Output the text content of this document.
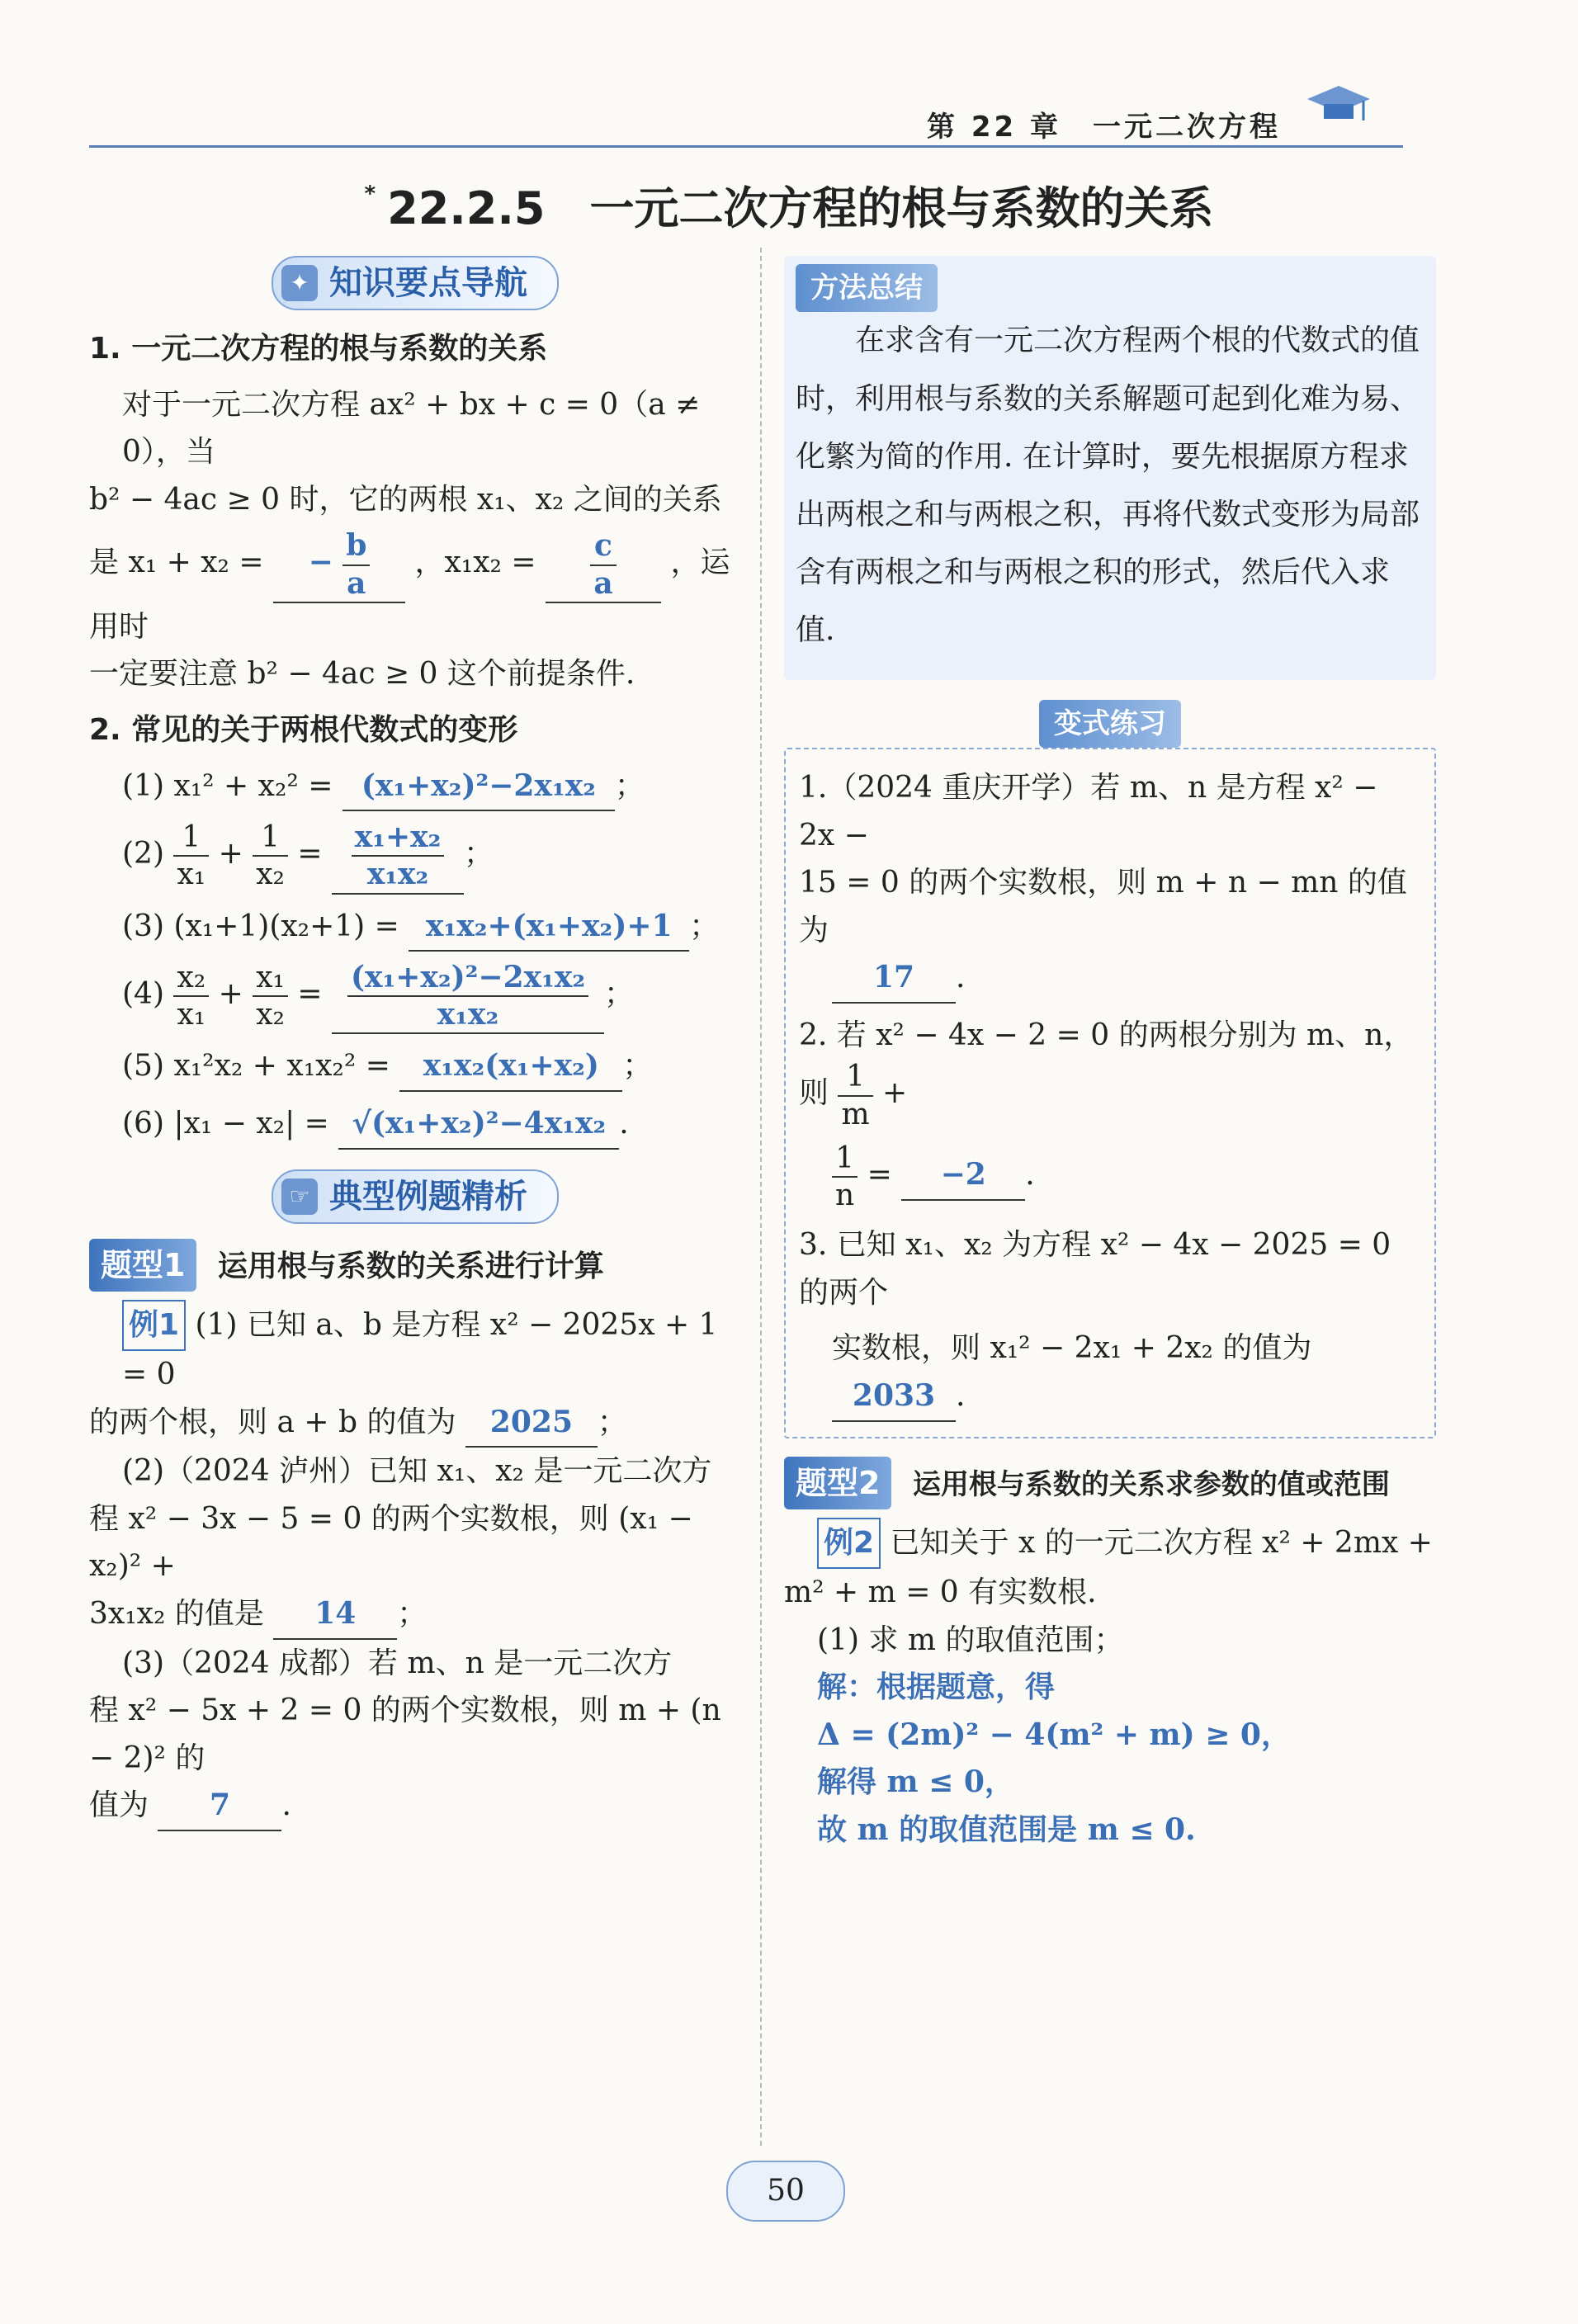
第 22 章　一元二次方程
* 22.2.5　一元二次方程的根与系数的关系
✦ 知识要点导航
1. 一元二次方程的根与系数的关系
对于一元二次方程 ax² + bx + c = 0（a ≠ 0），当
b² − 4ac ≥ 0 时，它的两根 x₁、x₂ 之间的关系
是 x₁ + x₂ = − $\frac{b}{a}$ ，$x_1x_2 = \frac{c}{a}$ ，运用时
一定要注意 b² − 4ac ≥ 0 这个前提条件.
2. 常见的关于两根代数式的变形
(1) x₁² + x₂² = (x₁+x₂)²−2x₁x₂ ；
$(2) \frac{1}{\text{x₁}} + \frac{1}{\text{x₂}} = \frac{\text{x₁+x₂}}{\text{x₁x₂}}$ ；
(3) (x₁+1)(x₂+1) = x₁x₂+(x₁+x₂)+1 ；
$(4) \frac{\text{x₂}}{\text{x₁}} + \frac{\text{x₁}}{\text{x₂}} = \frac{\text{(x₁+x₂)²−2x₁x₂}}{\text{x₁x₂}}$ ；
(5) x₁²x₂ + x₁x₂² = x₁x₂(x₁+x₂) ；
(6) |x₁ − x₂| = √(x₁+x₂)²−4x₁x₂ .
☞ 典型例题精析
题型1 运用根与系数的关系进行计算
例1 (1) 已知 a、b 是方程 x² − 2025x + 1 = 0
的两个根，则 a + b 的值为 2025 ；
(2)（2024 泸州）已知 x₁、x₂ 是一元二次方
程 x² − 3x − 5 = 0 的两个实数根，则 (x₁ − x₂)² +
3x₁x₂ 的值是 14 ；
(3)（2024 成都）若 m、n 是一元二次方
程 x² − 5x + 2 = 0 的两个实数根，则 m + (n − 2)² 的
值为 7 .
方法总结
在求含有一元二次方程两个根的代数式的值时，利用根与系数的关系解题可起到化难为易、化繁为简的作用. 在计算时，要先根据原方程求出两根之和与两根之积，再将代数式变形为局部含有两根之和与两根之积的形式，然后代入求值.
变式练习
1.（2024 重庆开学）若 m、n 是方程 x² − 2x −
15 = 0 的两个实数根，则 m + n − mn 的值为
17 .
2. 若 x² − 4x − 2 = 0 的两根分别为 m、n，则 $\frac{1}{m}$ +
$\frac{1}{n} = -2$ .
3. 已知 x₁、x₂ 为方程 x² − 4x − 2025 = 0 的两个
实数根，则 x₁² − 2x₁ + 2x₂ 的值为 2033 .
题型2 运用根与系数的关系求参数的值或范围
例2 已知关于 x 的一元二次方程 x² + 2mx +
m² + m = 0 有实数根.
(1) 求 m 的取值范围；
解：根据题意，得
Δ = (2m)² − 4(m² + m) ≥ 0，
解得 m ≤ 0，
故 m 的取值范围是 m ≤ 0.
50
